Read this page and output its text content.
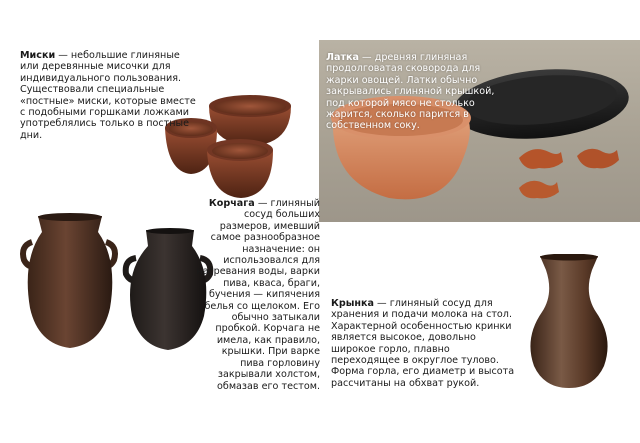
Миски — небольшие глиняные или деревянные мисочки для индивидуального пользования. Существовали специальные «постные» миски, которые вместе с подобными горшками ложками употреблялись только в постные дни.
Латка — древняя глиняная продолговатая сковорода для жарки овощей. Латки обычно закрывались глиняной крышкой, под которой мясо не столько жарится, сколько парится в собственном соку.
Корчага — глиняный сосуд больших размеров, имевший самое разнообразное назначение: он использовался для нагревания воды, варки пива, кваса, браги, бучения — кипячения белья со щелоком. Его обычно затыкали пробкой. Корчага не имела, как правило, крышки. При варке пива горловину закрывали холстом, обмазав его тестом.
Крынка — глиняный сосуд для хранения и подачи молока на стол. Характерной особенностью кринки является высокое, довольно широкое горло, плавно переходящее в округлое тулово. Форма горла, его диаметр и высота рассчитаны на обхват рукой.
